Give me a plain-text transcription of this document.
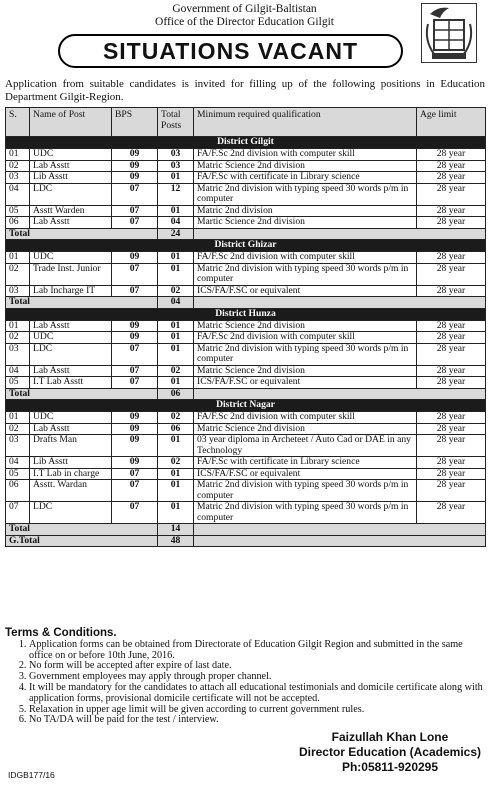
Government of Gilgit-Baltistan
Office of the Director Education Gilgit
SITUATIONS VACANT
Application from suitable candidates is invited for filling up of the following positions in Education Department Gilgit-Region.
S.	Name of Post	BPS	Total Posts	Minimum required qualification	Age limit
District Gilgit					
01	UDC	09	03	FA/F.Sc 2nd division with computer skill	28 year
02	Lab Asstt	09	03	Matric Science 2nd division	28 year
03	Lib Asstt	09	01	FA/F.Sc with certificate in Library science	28 year
04	LDC	07	12	Matric 2nd division with typing speed 30 words p/m in computer	28 year
05	Asstt Warden	07	01	Matric 2nd division	28 year
06	Lab Asstt	07	04	Martic Science 2nd division	28 year
Total			24		
District Ghizar					
01	UDC	09	01	FA/F.Sc 2nd division with computer skill	28 year
02	Trade Inst. Junior	07	01	Matric 2nd division with typing speed 30 words p/m in computer	28 year
03	Lab Incharge IT	07	02	ICS/FA/F.SC or equivalent	28 year
Total			04		
District Hunza					
01	Lab Asstt	09	01	Matric Science 2nd division	28 year
02	UDC	09	01	FA/F.Sc 2nd division with computer skill	28 year
03	LDC	07	01	Matric 2nd division with typing speed 30 words p/m in computer	28 year
04	Lab Asstt	07	02	Matric Science 2nd division	28 year
05	I.T Lab Asstt	07	01	ICS/FA/F.SC or equivalent	28 year
Total			06		
District Nagar					
01	UDC	09	02	FA/F.Sc 2nd division with computer skill	28 year
02	Lab Asstt	09	06	Matric Science 2nd division	28 year
03	Drafts Man	09	01	03 year diploma in Archeteet / Auto Cad or DAE in any Technology	28 year
04	Lib Asstt	09	02	FA/F.Sc with certificate in Library science	28 year
05	I.T Lab in charge	07	01	ICS/FA/F.SC or equivalent	28 year
06	Asstt. Wardan	07	01	Matric 2nd division with typing speed 30 words p/m in computer	28 year
07	LDC	07	01	Matric 2nd division with typing speed 30 words p/m in computer	28 year
Total			14		
G.Total			48		
Terms & Conditions.
1. Application forms can be obtained from Directorate of Education Gilgit Region and submitted in the same office on or before 10th June, 2016.
2. No form will be accepted after expire of last date.
3. Government employees may apply through proper channel.
4. It will be mandatory for the candidates to attach all educational testimonials and domicile certificate along with application forms, provisional domicile certificate will not be accepted.
5. Relaxation in upper age limit will be given according to current government rules.
6. No TA/DA will be paid for the test / interview.
Faizullah Khan Lone
Director Education (Academics)
Ph:05811-920295
IDGB177/16
